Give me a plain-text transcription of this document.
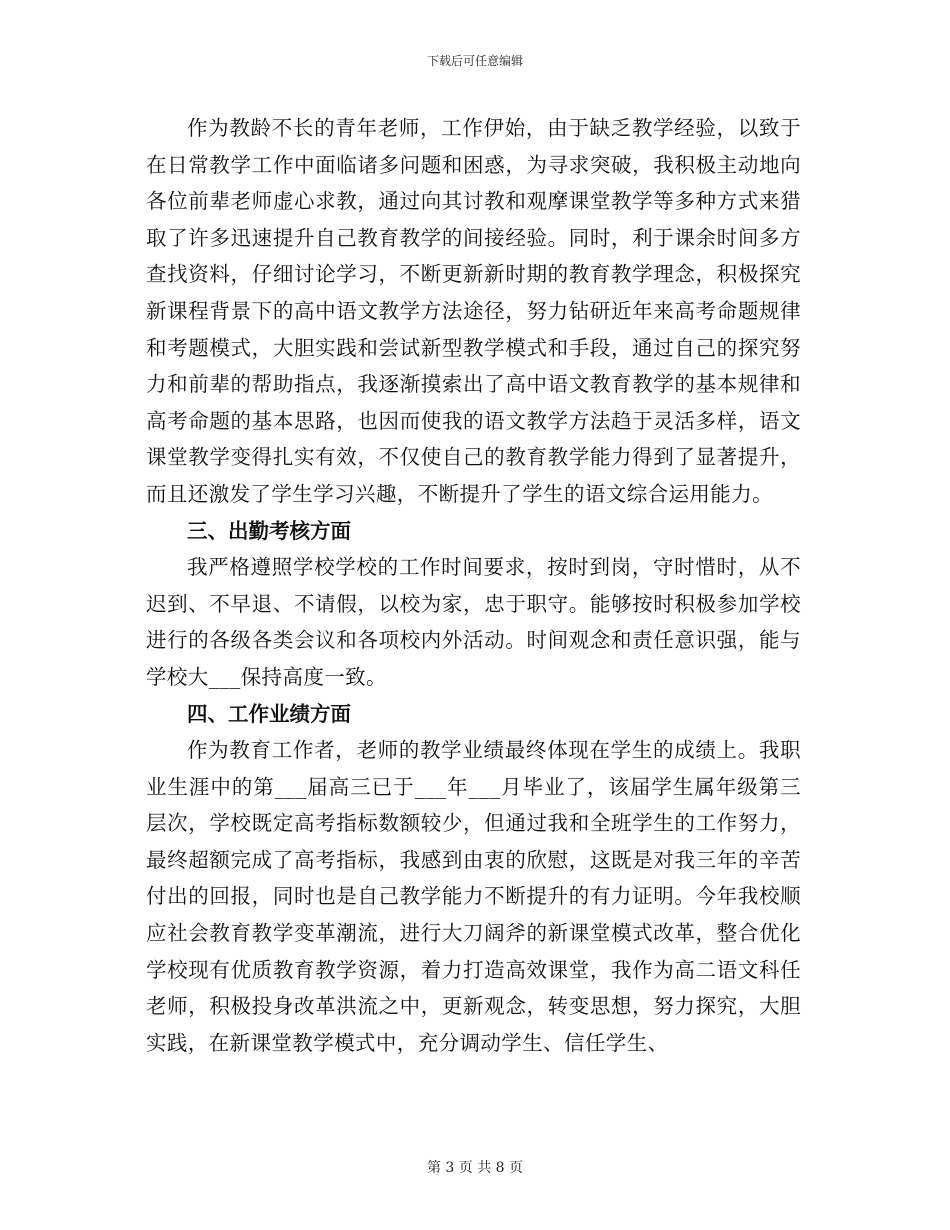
下载后可任意编辑

作为教龄不长的青年老师，工作伊始，由于缺乏教学经验，以致于在日常教学工作中面临诸多问题和困惑，为寻求突破，我积极主动地向各位前辈老师虚心求教，通过向其讨教和观摩课堂教学等多种方式来猎取了许多迅速提升自己教育教学的间接经验。同时，利于课余时间多方查找资料，仔细讨论学习，不断更新新时期的教育教学理念，积极探究新课程背景下的高中语文教学方法途径，努力钻研近年来高考命题规律和考题模式，大胆实践和尝试新型教学模式和手段，通过自己的探究努力和前辈的帮助指点，我逐渐摸索出了高中语文教育教学的基本规律和高考命题的基本思路，也因而使我的语文教学方法趋于灵活多样，语文课堂教学变得扎实有效，不仅使自己的教育教学能力得到了显著提升，而且还激发了学生学习兴趣，不断提升了学生的语文综合运用能力。

三、出勤考核方面

我严格遵照学校学校的工作时间要求，按时到岗，守时惜时，从不迟到、不早退、不请假，以校为家，忠于职守。能够按时积极参加学校进行的各级各类会议和各项校内外活动。时间观念和责任意识强，能与学校大___保持高度一致。

四、工作业绩方面

作为教育工作者，老师的教学业绩最终体现在学生的成绩上。我职业生涯中的第___届高三已于___年___月毕业了，该届学生属年级第三层次，学校既定高考指标数额较少，但通过我和全班学生的工作努力，最终超额完成了高考指标，我感到由衷的欣慰，这既是对我三年的辛苦付出的回报，同时也是自己教学能力不断提升的有力证明。今年我校顺应社会教育教学变革潮流，进行大刀阔斧的新课堂模式改革，整合优化学校现有优质教育教学资源，着力打造高效课堂，我作为高二语文科任老师，积极投身改革洪流之中，更新观念，转变思想，努力探究，大胆实践，在新课堂教学模式中，充分调动学生、信任学生、

第 3 页 共 8 页
